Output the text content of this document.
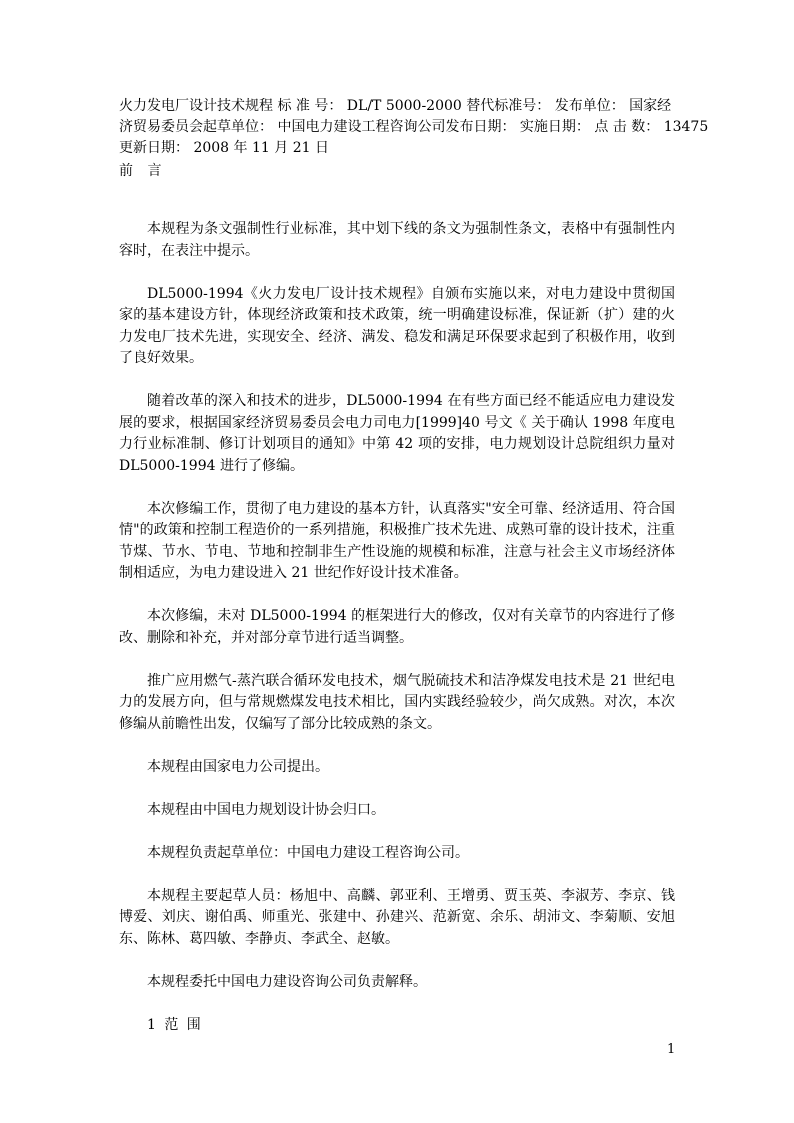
火力发电厂设计技术规程 标 准 号： DL/T 5000-2000 替代标准号： 发布单位： 国家经
济贸易委员会起草单位： 中国电力建设工程咨询公司发布日期： 实施日期： 点 击 数： 13475
更新日期： 2008 年 11 月 21 日
前 言

本规程为条文强制性行业标准，其中划下线的条文为强制性条文，表格中有强制性内容时，在表注中提示。

DL5000-1994《火力发电厂设计技术规程》自颁布实施以来，对电力建设中贯彻国家的基本建设方针，体现经济政策和技术政策，统一明确建设标准，保证新（扩）建的火力发电厂技术先进，实现安全、经济、满发、稳发和满足环保要求起到了积极作用，收到了良好效果。

随着改革的深入和技术的进步，DL5000-1994 在有些方面已经不能适应电力建设发展的要求，根据国家经济贸易委员会电力司电力[1999]40 号文《 关于确认 1998 年度电力行业标准制、修订计划项目的通知》中第 42 项的安排，电力规划设计总院组织力量对 DL5000-1994 进行了修编。

本次修编工作，贯彻了电力建设的基本方针，认真落实"安全可靠、经济适用、符合国情"的政策和控制工程造价的一系列措施，积极推广技术先进、成熟可靠的设计技术，注重节煤、节水、节电、节地和控制非生产性设施的规模和标准，注意与社会主义市场经济体制相适应，为电力建设进入 21 世纪作好设计技术准备。

本次修编，未对 DL5000-1994 的框架进行大的修改，仅对有关章节的内容进行了修改、删除和补充，并对部分章节进行适当调整。

推广应用燃气-蒸汽联合循环发电技术，烟气脱硫技术和洁净煤发电技术是 21 世纪电力的发展方向，但与常规燃煤发电技术相比，国内实践经验较少，尚欠成熟。对次，本次修编从前瞻性出发，仅编写了部分比较成熟的条文。

本规程由国家电力公司提出。

本规程由中国电力规划设计协会归口。

本规程负责起草单位：中国电力建设工程咨询公司。

本规程主要起草人员：杨旭中、高麟、郭亚利、王增勇、贾玉英、李淑芳、李京、钱博爱、刘庆、谢伯禹、师重光、张建中、孙建兴、范新宽、余乐、胡沛文、李菊顺、安旭东、陈林、葛四敏、李静贞、李武全、赵敏。

本规程委托中国电力建设咨询公司负责解释。

1 范 围

1
